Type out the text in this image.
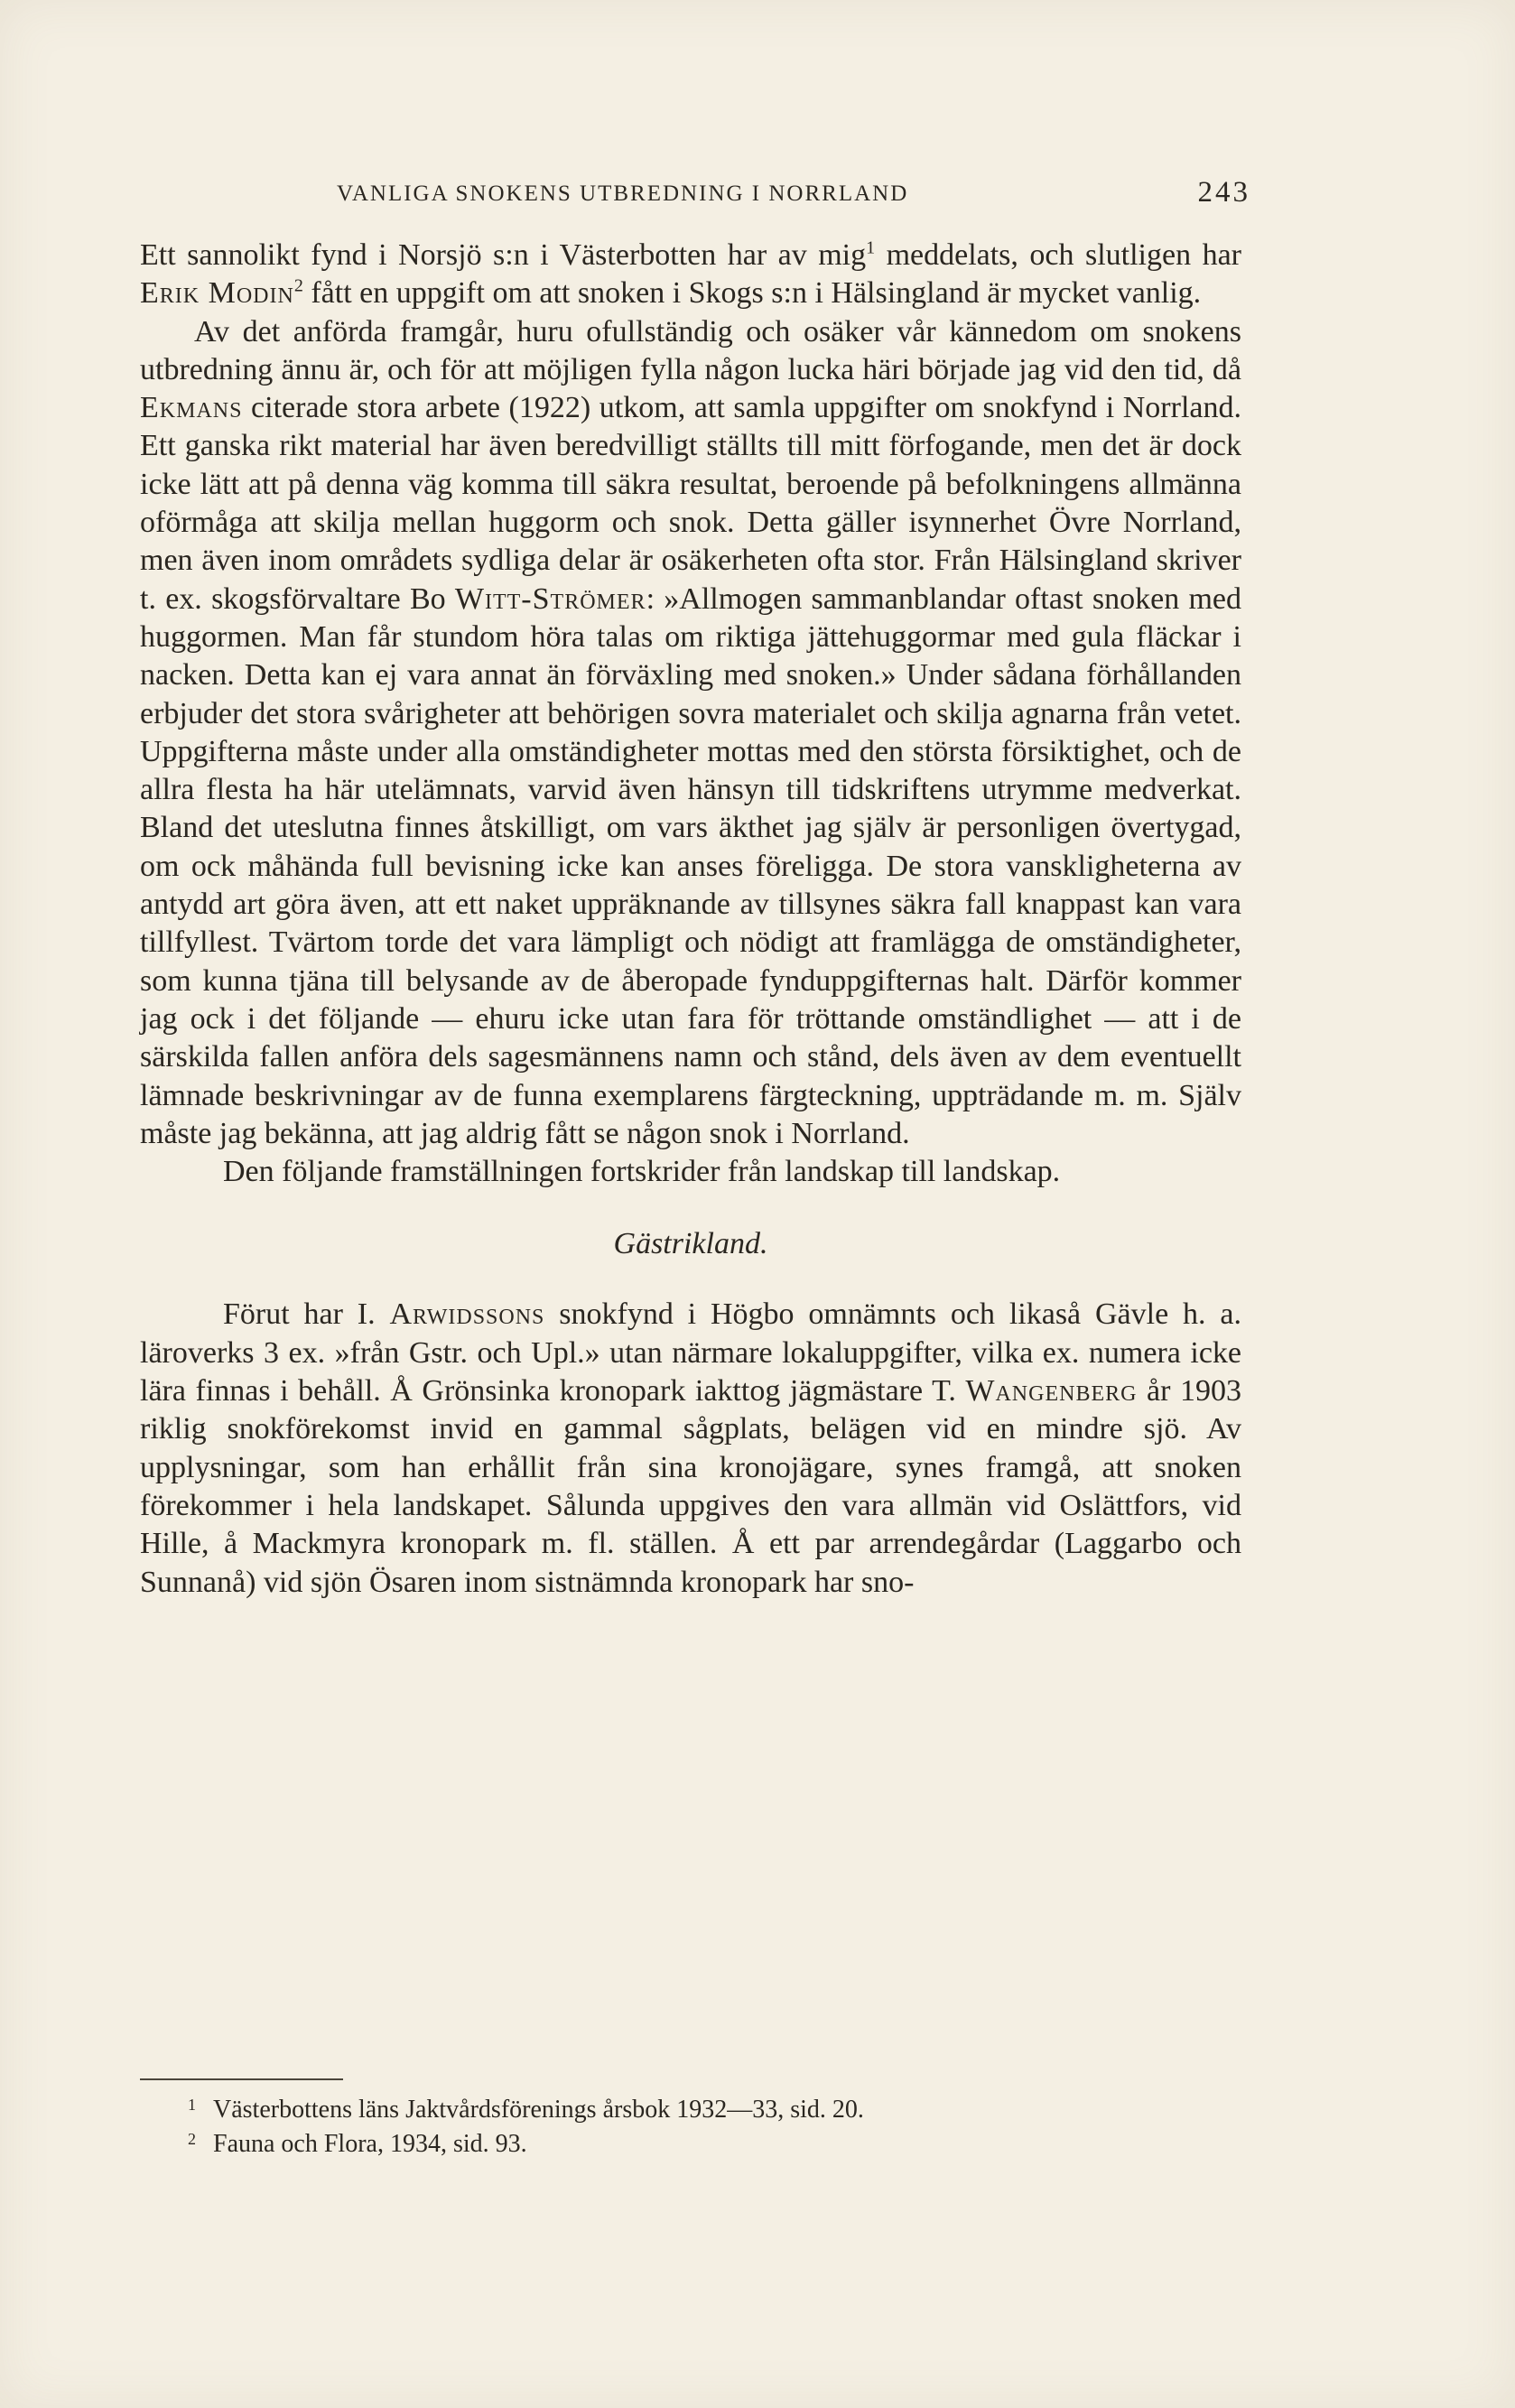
VANLIGA SNOKENS UTBREDNING I NORRLAND	243

Ett sannolikt fynd i Norsjö s:n i Västerbotten har av mig$^1$ meddelats, och slutligen har Erik Modin$^2$ fått en uppgift om att snoken i Skogs s:n i Hälsingland är mycket vanlig.

Av det anförda framgår, huru ofullständig och osäker vår kännedom om snokens utbredning ännu är, och för att möjligen fylla någon lucka häri började jag vid den tid, då Ekmans citerade stora arbete (1922) utkom, att samla uppgifter om snokfynd i Norrland. Ett ganska rikt material har även beredvilligt ställts till mitt förfogande, men det är dock icke lätt att på denna väg komma till säkra resultat, beroende på befolkningens allmänna oförmåga att skilja mellan huggorm och snok. Detta gäller isynnerhet Övre Norrland, men även inom områdets sydliga delar är osäkerheten ofta stor. Från Hälsingland skriver t. ex. skogsförvaltare Bo Witt-Strömer: »Allmogen sammanblandar oftast snoken med huggormen. Man får stundom höra talas om riktiga jättehuggormar med gula fläckar i nacken. Detta kan ej vara annat än förväxling med snoken.» Under sådana förhållanden erbjuder det stora svårigheter att behörigen sovra materialet och skilja agnarna från vetet. Uppgifterna måste under alla omständigheter mottas med den största försiktighet, och de allra flesta ha här utelämnats, varvid även hänsyn till tidskriftens utrymme medverkat. Bland det uteslutna finnes åtskilligt, om vars äkthet jag själv är personligen övertygad, om ock måhända full bevisning icke kan anses föreligga. De stora vanskligheterna av antydd art göra även, att ett naket uppräknande av tillsynes säkra fall knappast kan vara tillfyllest. Tvärtom torde det vara lämpligt och nödigt att framlägga de omständigheter, som kunna tjäna till belysande av de åberopade fynduppgifternas halt. Därför kommer jag ock i det följande — ehuru icke utan fara för tröttande omständlighet — att i de särskilda fallen anföra dels sagesmännens namn och stånd, dels även av dem eventuellt lämnade beskrivningar av de funna exemplarens färgteckning, uppträdande m. m. Själv måste jag bekänna, att jag aldrig fått se någon snok i Norrland.

Den följande framställningen fortskrider från landskap till landskap.

Gästrikland.

Förut har I. Arwidssons snokfynd i Högbo omnämnts och likaså Gävle h. a. läroverks 3 ex. »från Gstr. och Upl.» utan närmare lokaluppgifter, vilka ex. numera icke lära finnas i behåll. Å Grönsinka kronopark iakttog jägmästare T. Wangenberg år 1903 riklig snokförekomst invid en gammal sågplats, belägen vid en mindre sjö. Av upplysningar, som han erhållit från sina kronojägare, synes framgå, att snoken förekommer i hela landskapet. Sålunda uppgives den vara allmän vid Oslättfors, vid Hille, å Mackmyra kronopark m. fl. ställen. Å ett par arrendegårdar (Laggarbo och Sunnanå) vid sjön Ösaren inom sistnämnda kronopark har sno-

1 Västerbottens läns Jaktvårdsförenings årsbok 1932—33, sid. 20.

2 Fauna och Flora, 1934, sid. 93.
